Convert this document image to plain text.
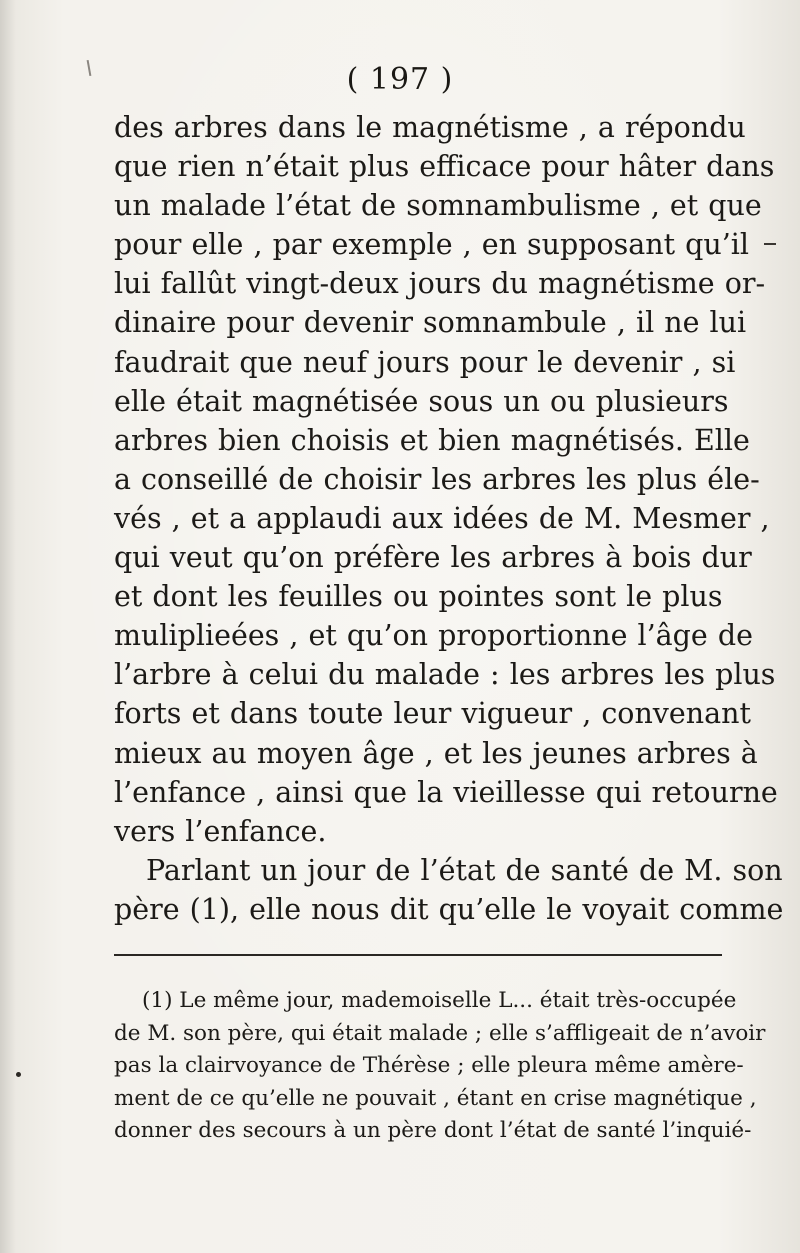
( 197 )
des arbres dans le magnétisme , a répondu
que rien n’était plus efficace pour hâter dans
un malade l’état de somnambulisme , et que
pour elle , par exemple , en supposant qu’il
lui fallût vingt-deux jours du magnétisme or-
dinaire pour devenir somnambule , il ne lui
faudrait que neuf jours pour le devenir , si
elle était magnétisée sous un ou plusieurs
arbres bien choisis et bien magnétisés. Elle
a conseillé de choisir les arbres les plus éle-
vés , et a applaudi aux idées de M. Mesmer ,
qui veut qu’on préfère les arbres à bois dur
et dont les feuilles ou pointes sont le plus
muliplieées , et qu’on proportionne l’âge de
l’arbre à celui du malade : les arbres les plus
forts et dans toute leur vigueur , convenant
mieux au moyen âge , et les jeunes arbres à
l’enfance , ainsi que la vieillesse qui retourne
vers l’enfance.
Parlant un jour de l’état de santé de M. son
père (1), elle nous dit qu’elle le voyait comme
(1) Le même jour, mademoiselle L... était très-occupée
de M. son père, qui était malade ; elle s’affligeait de n’avoir
pas la clairvoyance de Thérèse ; elle pleura même amère-
ment de ce qu’elle ne pouvait , étant en crise magnétique ,
donner des secours à un père dont l’état de santé l’inquié-
